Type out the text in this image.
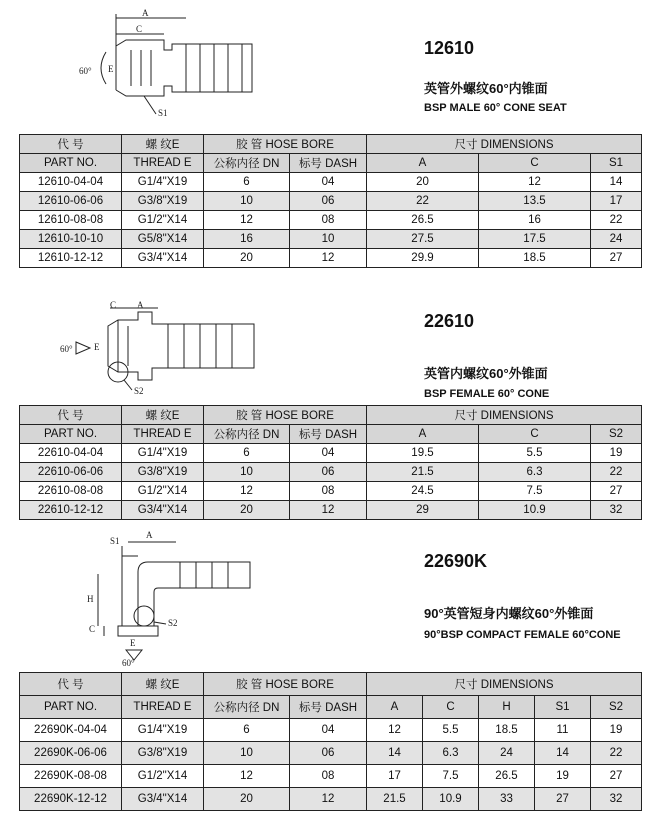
A
C
60° E
S1
12610
英管外螺纹60°内锥面
BSP MALE 60° CONE SEAT
代 号	螺 纹E	胶 管 HOSE BORE		尺寸 DIMENSIONS		
PART NO.	THREAD E	公称内径 DN	标号 DASH	A	C	S1
12610-04-04	G1/4"X19	6	04	20	12	14
12610-06-06	G3/8"X19	10	06	22	13.5	17
12610-08-08	G1/2"X14	12	08	26.5	16	22
12610-10-10	G5/8"X14	16	10	27.5	17.5	24
12610-12-12	G3/4"X14	20	12	29.9	18.5	27
C A
60° E
S2
22610
英管内螺纹60°外锥面
BSP FEMALE 60° CONE
代 号	螺 纹E	胶 管 HOSE BORE		尺寸 DIMENSIONS		
PART NO.	THREAD E	公称内径 DN	标号 DASH	A	C	S2
22610-04-04	G1/4"X19	6	04	19.5	5.5	19
22610-06-06	G3/8"X19	10	06	21.5	6.3	22
22610-08-08	G1/2"X14	12	08	24.5	7.5	27
22610-12-12	G3/4"X14	20	12	29	10.9	32
S1
A
H
C
E
60°
S2
22690K
90°英管短身内螺纹60°外锥面
90°BSP COMPACT FEMALE 60°CONE
代 号	螺 纹E	胶 管 HOSE BORE		尺寸 DIMENSIONS				
PART NO.	THREAD E	公称内径 DN	标号 DASH	A	C	H	S1	S2
22690K-04-04	G1/4"X19	6	04	12	5.5	18.5	11	19
22690K-06-06	G3/8"X19	10	06	14	6.3	24	14	22
22690K-08-08	G1/2"X14	12	08	17	7.5	26.5	19	27
22690K-12-12	G3/4"X14	20	12	21.5	10.9	33	27	32
